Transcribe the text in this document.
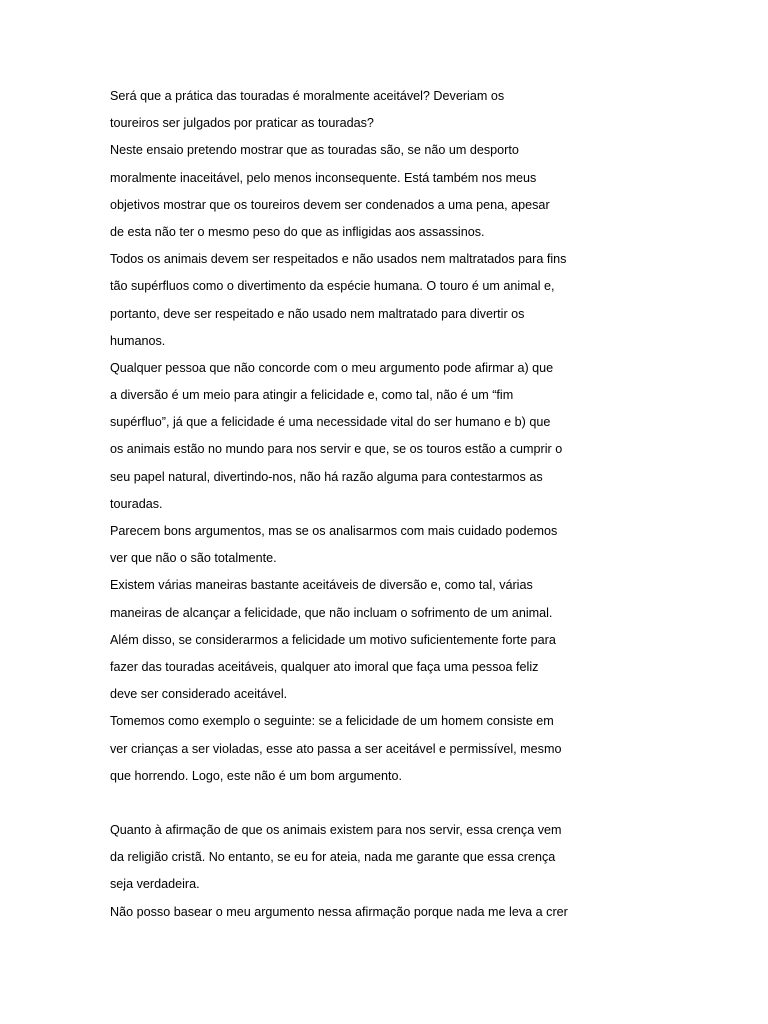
Será que a prática das touradas é moralmente aceitável? Deveriam os
toureiros ser julgados por praticar as touradas?
Neste ensaio pretendo mostrar que as touradas são, se não um desporto
moralmente inaceitável, pelo menos inconsequente. Está também nos meus
objetivos mostrar que os toureiros devem ser condenados a uma pena, apesar
de esta não ter o mesmo peso do que as infligidas aos assassinos.
Todos os animais devem ser respeitados e não usados nem maltratados para fins
tão supérfluos como o divertimento da espécie humana. O touro é um animal e,
portanto, deve ser respeitado e não usado nem maltratado para divertir os
humanos.
Qualquer pessoa que não concorde com o meu argumento pode afirmar a) que
a diversão é um meio para atingir a felicidade e, como tal, não é um “fim
supérfluo”, já que a felicidade é uma necessidade vital do ser humano e b) que
os animais estão no mundo para nos servir e que, se os touros estão a cumprir o
seu papel natural, divertindo-nos, não há razão alguma para contestarmos as
touradas.
Parecem bons argumentos, mas se os analisarmos com mais cuidado podemos
ver que não o são totalmente.
Existem várias maneiras bastante aceitáveis de diversão e, como tal, várias
maneiras de alcançar a felicidade, que não incluam o sofrimento de um animal.
Além disso, se considerarmos a felicidade um motivo suficientemente forte para
fazer das touradas aceitáveis, qualquer ato imoral que faça uma pessoa feliz
deve ser considerado aceitável.
Tomemos como exemplo o seguinte: se a felicidade de um homem consiste em
ver crianças a ser violadas, esse ato passa a ser aceitável e permissível, mesmo
que horrendo. Logo, este não é um bom argumento.
Quanto à afirmação de que os animais existem para nos servir, essa crença vem
da religião cristã. No entanto, se eu for ateia, nada me garante que essa crença
seja verdadeira.
Não posso basear o meu argumento nessa afirmação porque nada me leva a crer
